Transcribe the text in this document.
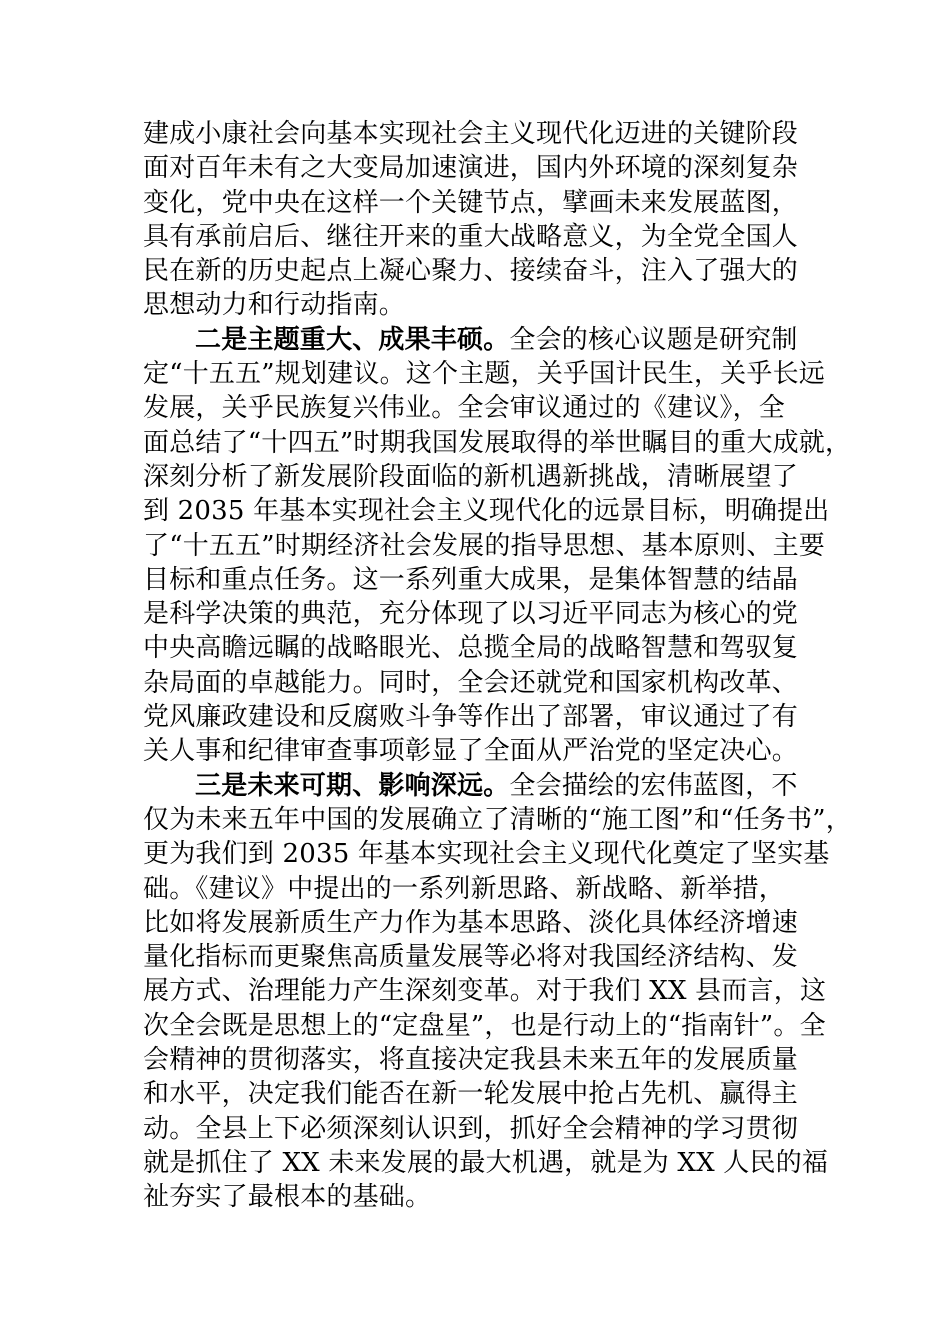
建成小康社会向基本实现社会主义现代化迈进的关键阶段
面对百年未有之大变局加速演进，国内外环境的深刻复杂
变化，党中央在这样一个关键节点，擘画未来发展蓝图，
具有承前启后、继往开来的重大战略意义，为全党全国人
民在新的历史起点上凝心聚力、接续奋斗，注入了强大的
思想动力和行动指南。
二是主题重大、成果丰硕。全会的核心议题是研究制
定“十五五”规划建议。这个主题，关乎国计民生，关乎长远
发展，关乎民族复兴伟业。全会审议通过的《建议》，全
面总结了“十四五”时期我国发展取得的举世瞩目的重大成就，
深刻分析了新发展阶段面临的新机遇新挑战，清晰展望了
到 2035 年基本实现社会主义现代化的远景目标，明确提出
了“十五五”时期经济社会发展的指导思想、基本原则、主要
目标和重点任务。这一系列重大成果，是集体智慧的结晶
是科学决策的典范，充分体现了以习近平同志为核心的党
中央高瞻远瞩的战略眼光、总揽全局的战略智慧和驾驭复
杂局面的卓越能力。同时，全会还就党和国家机构改革、
党风廉政建设和反腐败斗争等作出了部署，审议通过了有
关人事和纪律审查事项彰显了全面从严治党的坚定决心。
三是未来可期、影响深远。全会描绘的宏伟蓝图，不
仅为未来五年中国的发展确立了清晰的“施工图”和“任务书”，
更为我们到 2035 年基本实现社会主义现代化奠定了坚实基
础。《建议》中提出的一系列新思路、新战略、新举措，
比如将发展新质生产力作为基本思路、淡化具体经济增速
量化指标而更聚焦高质量发展等必将对我国经济结构、发
展方式、治理能力产生深刻变革。对于我们 XX 县而言，这
次全会既是思想上的“定盘星”，也是行动上的“指南针”。全
会精神的贯彻落实，将直接决定我县未来五年的发展质量
和水平，决定我们能否在新一轮发展中抢占先机、赢得主
动。全县上下必须深刻认识到，抓好全会精神的学习贯彻
就是抓住了 XX 未来发展的最大机遇，就是为 XX 人民的福
祉夯实了最根本的基础。
